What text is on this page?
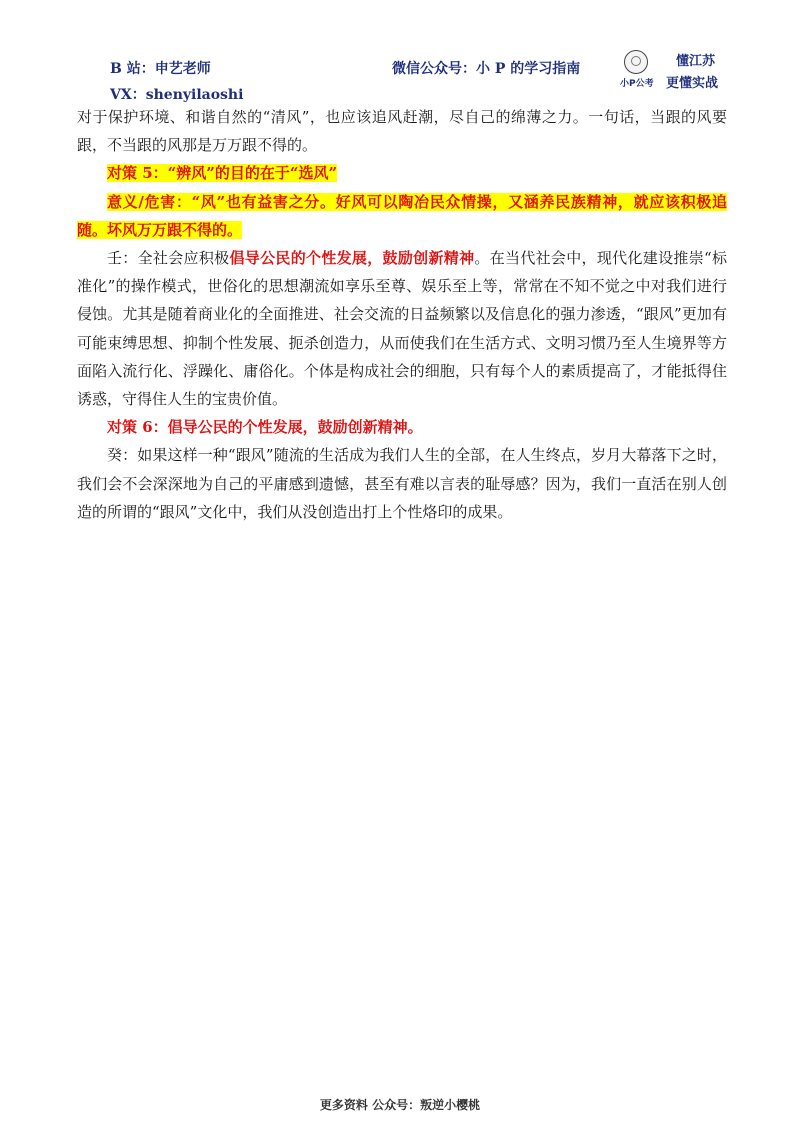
B 站：申艺老师
VX：shenyilaoshi
微信公众号：小 P 的学习指南
小P公考
懂江苏
更懂实战

对于保护环境、和谐自然的“清风”，也应该追风赶潮，尽自己的绵薄之力。一句话，当跟的风要跟，不当跟的风那是万万跟不得的。

对策 5：“辨风”的目的在于“选风”

意义/危害：“风”也有益害之分。好风可以陶冶民众情操，又涵养民族精神，就应该积极追随。坏风万万跟不得的。

壬：全社会应积极倡导公民的个性发展，鼓励创新精神。在当代社会中，现代化建设推崇“标准化”的操作模式，世俗化的思想潮流如享乐至尊、娱乐至上等，常常在不知不觉之中对我们进行侵蚀。尤其是随着商业化的全面推进、社会交流的日益频繁以及信息化的强力渗透，“跟风”更加有可能束缚思想、抑制个性发展、扼杀创造力，从而使我们在生活方式、文明习惯乃至人生境界等方面陷入流行化、浮躁化、庸俗化。个体是构成社会的细胞，只有每个人的素质提高了，才能抵得住诱惑，守得住人生的宝贵价值。

对策 6：倡导公民的个性发展，鼓励创新精神。

癸：如果这样一种“跟风”随流的生活成为我们人生的全部，在人生终点，岁月大幕落下之时，我们会不会深深地为自己的平庸感到遗憾，甚至有难以言表的耻辱感？因为，我们一直活在别人创造的所谓的“跟风”文化中，我们从没创造出打上个性烙印的成果。

更多资料 公众号：叛逆小樱桃
